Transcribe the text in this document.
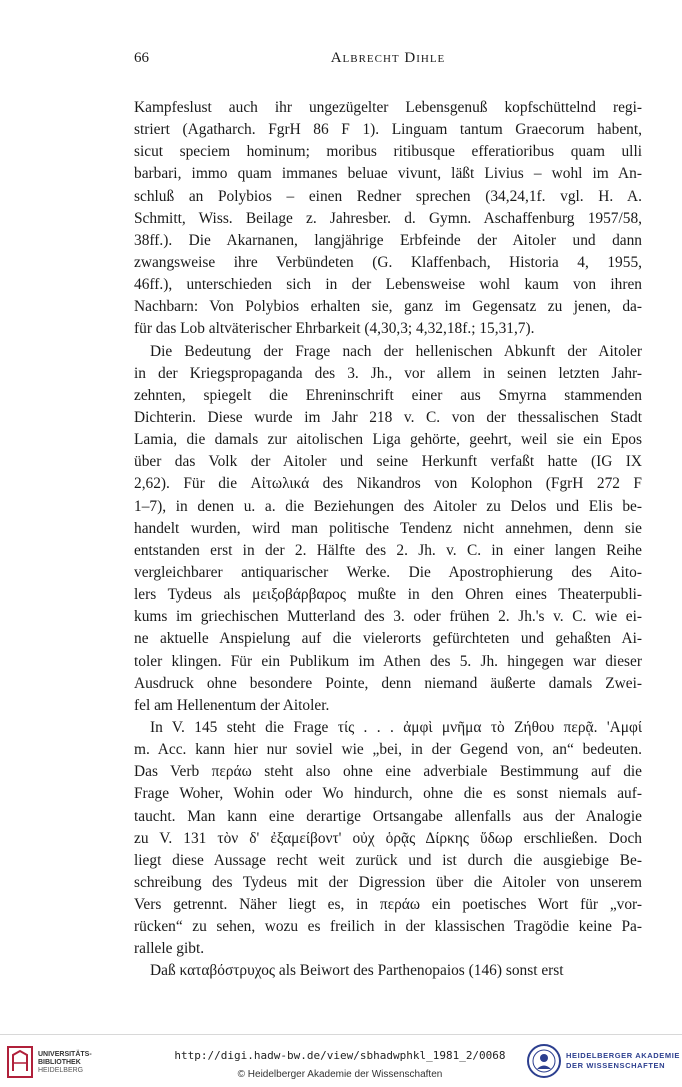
66	Albrecht Dihle
Kampfeslust auch ihr ungezügelter Lebensgenuß kopfschüttelnd regi-
striert (Agatharch. FgrH 86 F 1). Linguam tantum Graecorum habent,
sicut speciem hominum; moribus ritibusque efferatioribus quam ulli
barbari, immo quam immanes beluae vivunt, läßt Livius – wohl im An-
schluß an Polybios – einen Redner sprechen (34,24,1f. vgl. H. A.
Schmitt, Wiss. Beilage z. Jahresber. d. Gymn. Aschaffenburg 1957/58,
38ff.). Die Akarnanen, langjährige Erbfeinde der Aitoler und dann
zwangsweise ihre Verbündeten (G. Klaffenbach, Historia 4, 1955,
46ff.), unterschieden sich in der Lebensweise wohl kaum von ihren
Nachbarn: Von Polybios erhalten sie, ganz im Gegensatz zu jenen, da-
für das Lob altväterischer Ehrbarkeit (4,30,3; 4,32,18f.; 15,31,7).
Die Bedeutung der Frage nach der hellenischen Abkunft der Aitoler
in der Kriegspropaganda des 3. Jh., vor allem in seinen letzten Jahr-
zehnten, spiegelt die Ehreninschrift einer aus Smyrna stammenden
Dichterin. Diese wurde im Jahr 218 v. C. von der thessalischen Stadt
Lamia, die damals zur aitolischen Liga gehörte, geehrt, weil sie ein Epos
über das Volk der Aitoler und seine Herkunft verfaßt hatte (IG IX
2,62). Für die Αἰτωλικά des Nikandros von Kolophon (FgrH 272 F
1–7), in denen u. a. die Beziehungen des Aitoler zu Delos und Elis be-
handelt wurden, wird man politische Tendenz nicht annehmen, denn sie
entstanden erst in der 2. Hälfte des 2. Jh. v. C. in einer langen Reihe
vergleichbarer antiquarischer Werke. Die Apostrophierung des Aito-
lers Tydeus als μειξοβάρβαρος mußte in den Ohren eines Theaterpubli-
kums im griechischen Mutterland des 3. oder frühen 2. Jh.'s v. C. wie ei-
ne aktuelle Anspielung auf die vielerorts gefürchteten und gehaßten Ai-
toler klingen. Für ein Publikum im Athen des 5. Jh. hingegen war dieser
Ausdruck ohne besondere Pointe, denn niemand äußerte damals Zwei-
fel am Hellenentum der Aitoler.
In V. 145 steht die Frage τίς . . . ἀμφὶ μνῆμα τὸ Ζήθου περᾷ. 'Αμφί
m. Acc. kann hier nur soviel wie „bei, in der Gegend von, an“ bedeuten.
Das Verb περάω steht also ohne eine adverbiale Bestimmung auf die
Frage Woher, Wohin oder Wo hindurch, ohne die es sonst niemals auf-
taucht. Man kann eine derartige Ortsangabe allenfalls aus der Analogie
zu V. 131 τὸν δ' ἐξαμείβοντ' οὐχ ὁρᾷς Δίρκης ὕδωρ erschließen. Doch
liegt diese Aussage recht weit zurück und ist durch die ausgiebige Be-
schreibung des Tydeus mit der Digression über die Aitoler von unserem
Vers getrennt. Näher liegt es, in περάω ein poetisches Wort für „vor-
rücken“ zu sehen, wozu es freilich in der klassischen Tragödie keine Pa-
rallele gibt.
Daß καταβόστρυχος als Beiwort des Parthenopaios (146) sonst erst
UNIVERSITÄTS-
BIBLIOTHEK
HEIDELBERG
http://digi.hadw-bw.de/view/sbhadwphkl_1981_2/0068
© Heidelberger Akademie der Wissenschaften
HEIDELBERGER AKADEMIE
DER WISSENSCHAFTEN
